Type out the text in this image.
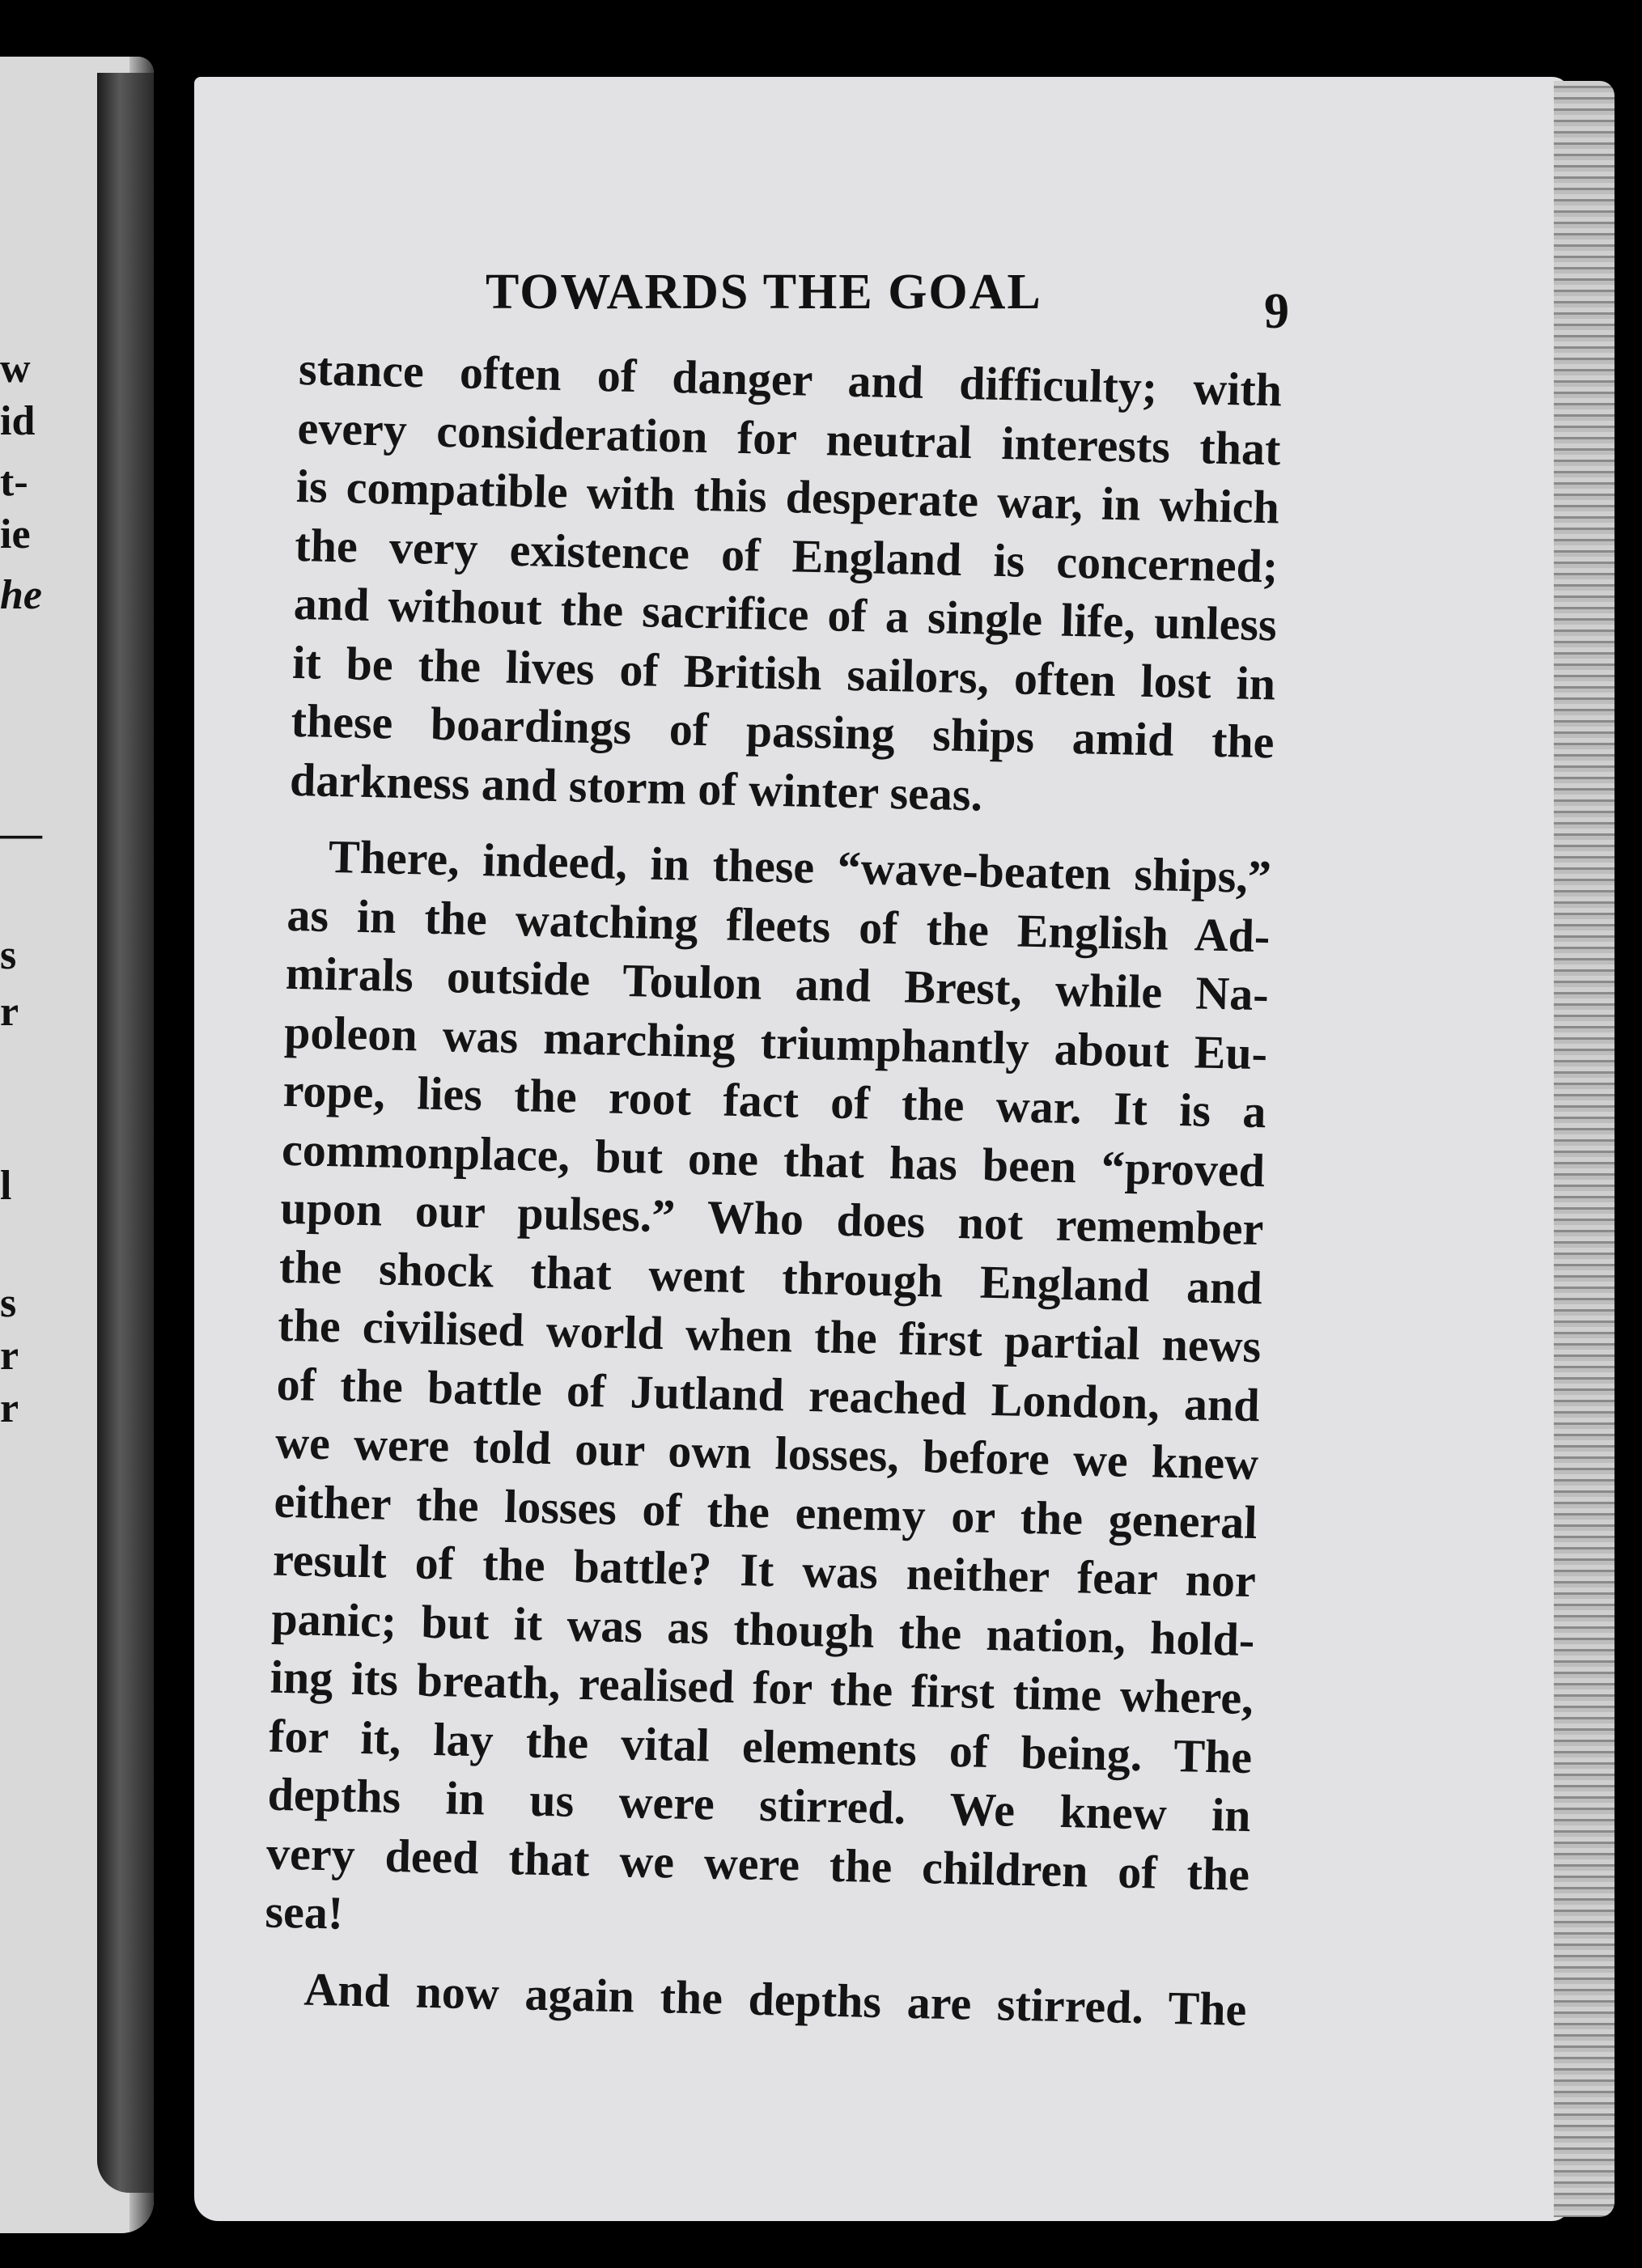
w
id
t-
ie
he
—
s
r
l
s
r
r
TOWARDS THE GOAL	9
stance often of danger and difficulty; with
every consideration for neutral interests that
is compatible with this desperate war, in which
the very existence of England is concerned;
and without the sacrifice of a single life, unless
it be the lives of British sailors, often lost in
these boardings of passing ships amid the
darkness and storm of winter seas.
There, indeed, in these “wave-beaten ships,”
as in the watching fleets of the English Ad-
mirals outside Toulon and Brest, while Na-
poleon was marching triumphantly about Eu-
rope, lies the root fact of the war. It is a
commonplace, but one that has been “proved
upon our pulses.” Who does not remember
the shock that went through England and
the civilised world when the first partial news
of the battle of Jutland reached London, and
we were told our own losses, before we knew
either the losses of the enemy or the general
result of the battle? It was neither fear nor
panic; but it was as though the nation, hold-
ing its breath, realised for the first time where,
for it, lay the vital elements of being. The
depths in us were stirred. We knew in
very deed that we were the children of the
sea!
And now again the depths are stirred. The
